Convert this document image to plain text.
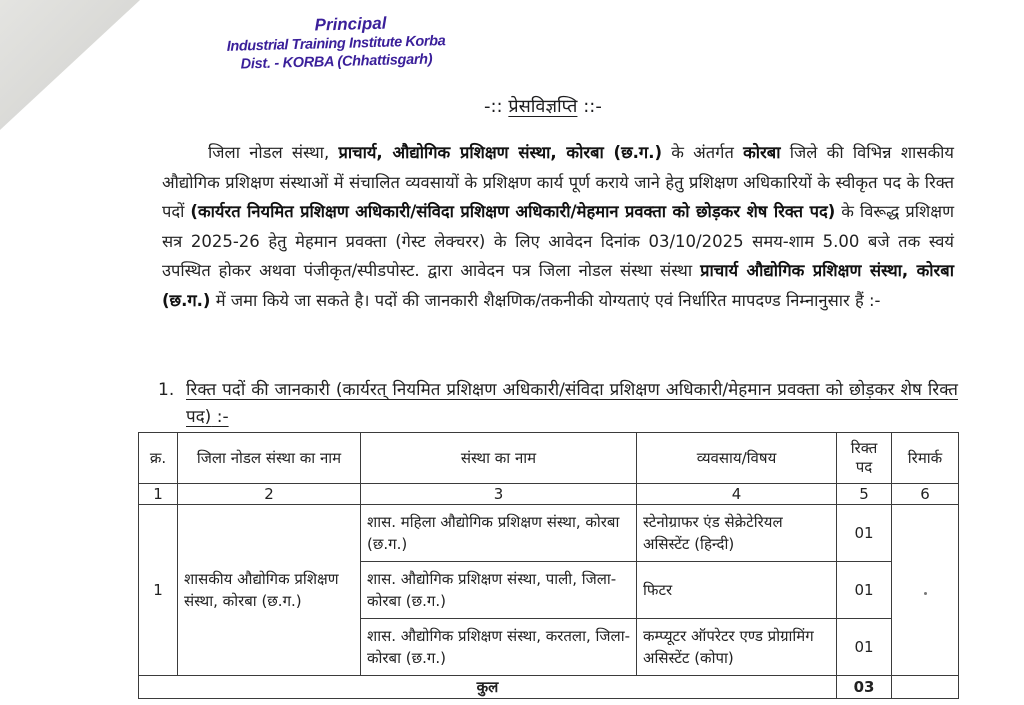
Principal
Industrial Training Institute Korba
Dist. - KORBA (Chhattisgarh)
-:: प्रेसविज्ञप्ति ::-
जिला नोडल संस्था, प्राचार्य, औद्योगिक प्रशिक्षण संस्था, कोरबा (छ.ग.) के अंतर्गत कोरबा जिले की विभिन्न शासकीय औद्योगिक प्रशिक्षण संस्थाओं में संचालित व्यवसायों के प्रशिक्षण कार्य पूर्ण कराये जाने हेतु प्रशिक्षण अधिकारियों के स्वीकृत पद के रिक्त पदों (कार्यरत नियमित प्रशिक्षण अधिकारी/संविदा प्रशिक्षण अधिकारी/मेहमान प्रवक्ता को छोड़कर शेष रिक्त पद) के विरूद्ध प्रशिक्षण सत्र 2025-26 हेतु मेहमान प्रवक्ता (गेस्ट लेक्चरर) के लिए आवेदन दिनांक 03/10/2025 समय-शाम 5.00 बजे तक स्वयं उपस्थित होकर अथवा पंजीकृत/स्पीडपोस्ट. द्वारा आवेदन पत्र जिला नोडल संस्था संस्था प्राचार्य औद्योगिक प्रशिक्षण संस्था, कोरबा (छ.ग.) में जमा किये जा सकते है। पदों की जानकारी शैक्षणिक/तकनीकी योग्यताएं एवं निर्धारित मापदण्ड निम्नानुसार हैं :-
1. रिक्त पदों की जानकारी (कार्यरत् नियमित प्रशिक्षण अधिकारी/संविदा प्रशिक्षण अधिकारी/मेहमान प्रवक्ता को छोड़कर शेष रिक्त पद) :-
क्र.	जिला नोडल संस्था का नाम	संस्था का नाम	व्यवसाय/विषय	रिक्त पद	रिमार्क
1	2	3	4	5	6
1	शासकीय औद्योगिक प्रशिक्षण संस्था, कोरबा (छ.ग.)	शास. महिला औद्योगिक प्रशिक्षण संस्था, कोरबा (छ.ग.)	स्टेनोग्राफर एंड सेक्रेटेरियल असिस्टेंट (हिन्दी)	01	
		शास. औद्योगिक प्रशिक्षण संस्था, पाली, जिला-कोरबा (छ.ग.)	फिटर	01	
		शास. औद्योगिक प्रशिक्षण संस्था, करतला, जिला-कोरबा (छ.ग.)	कम्प्यूटर ऑपरेटर एण्ड प्रोग्रामिंग असिस्टेंट (कोपा)	01	
कुल				03	
